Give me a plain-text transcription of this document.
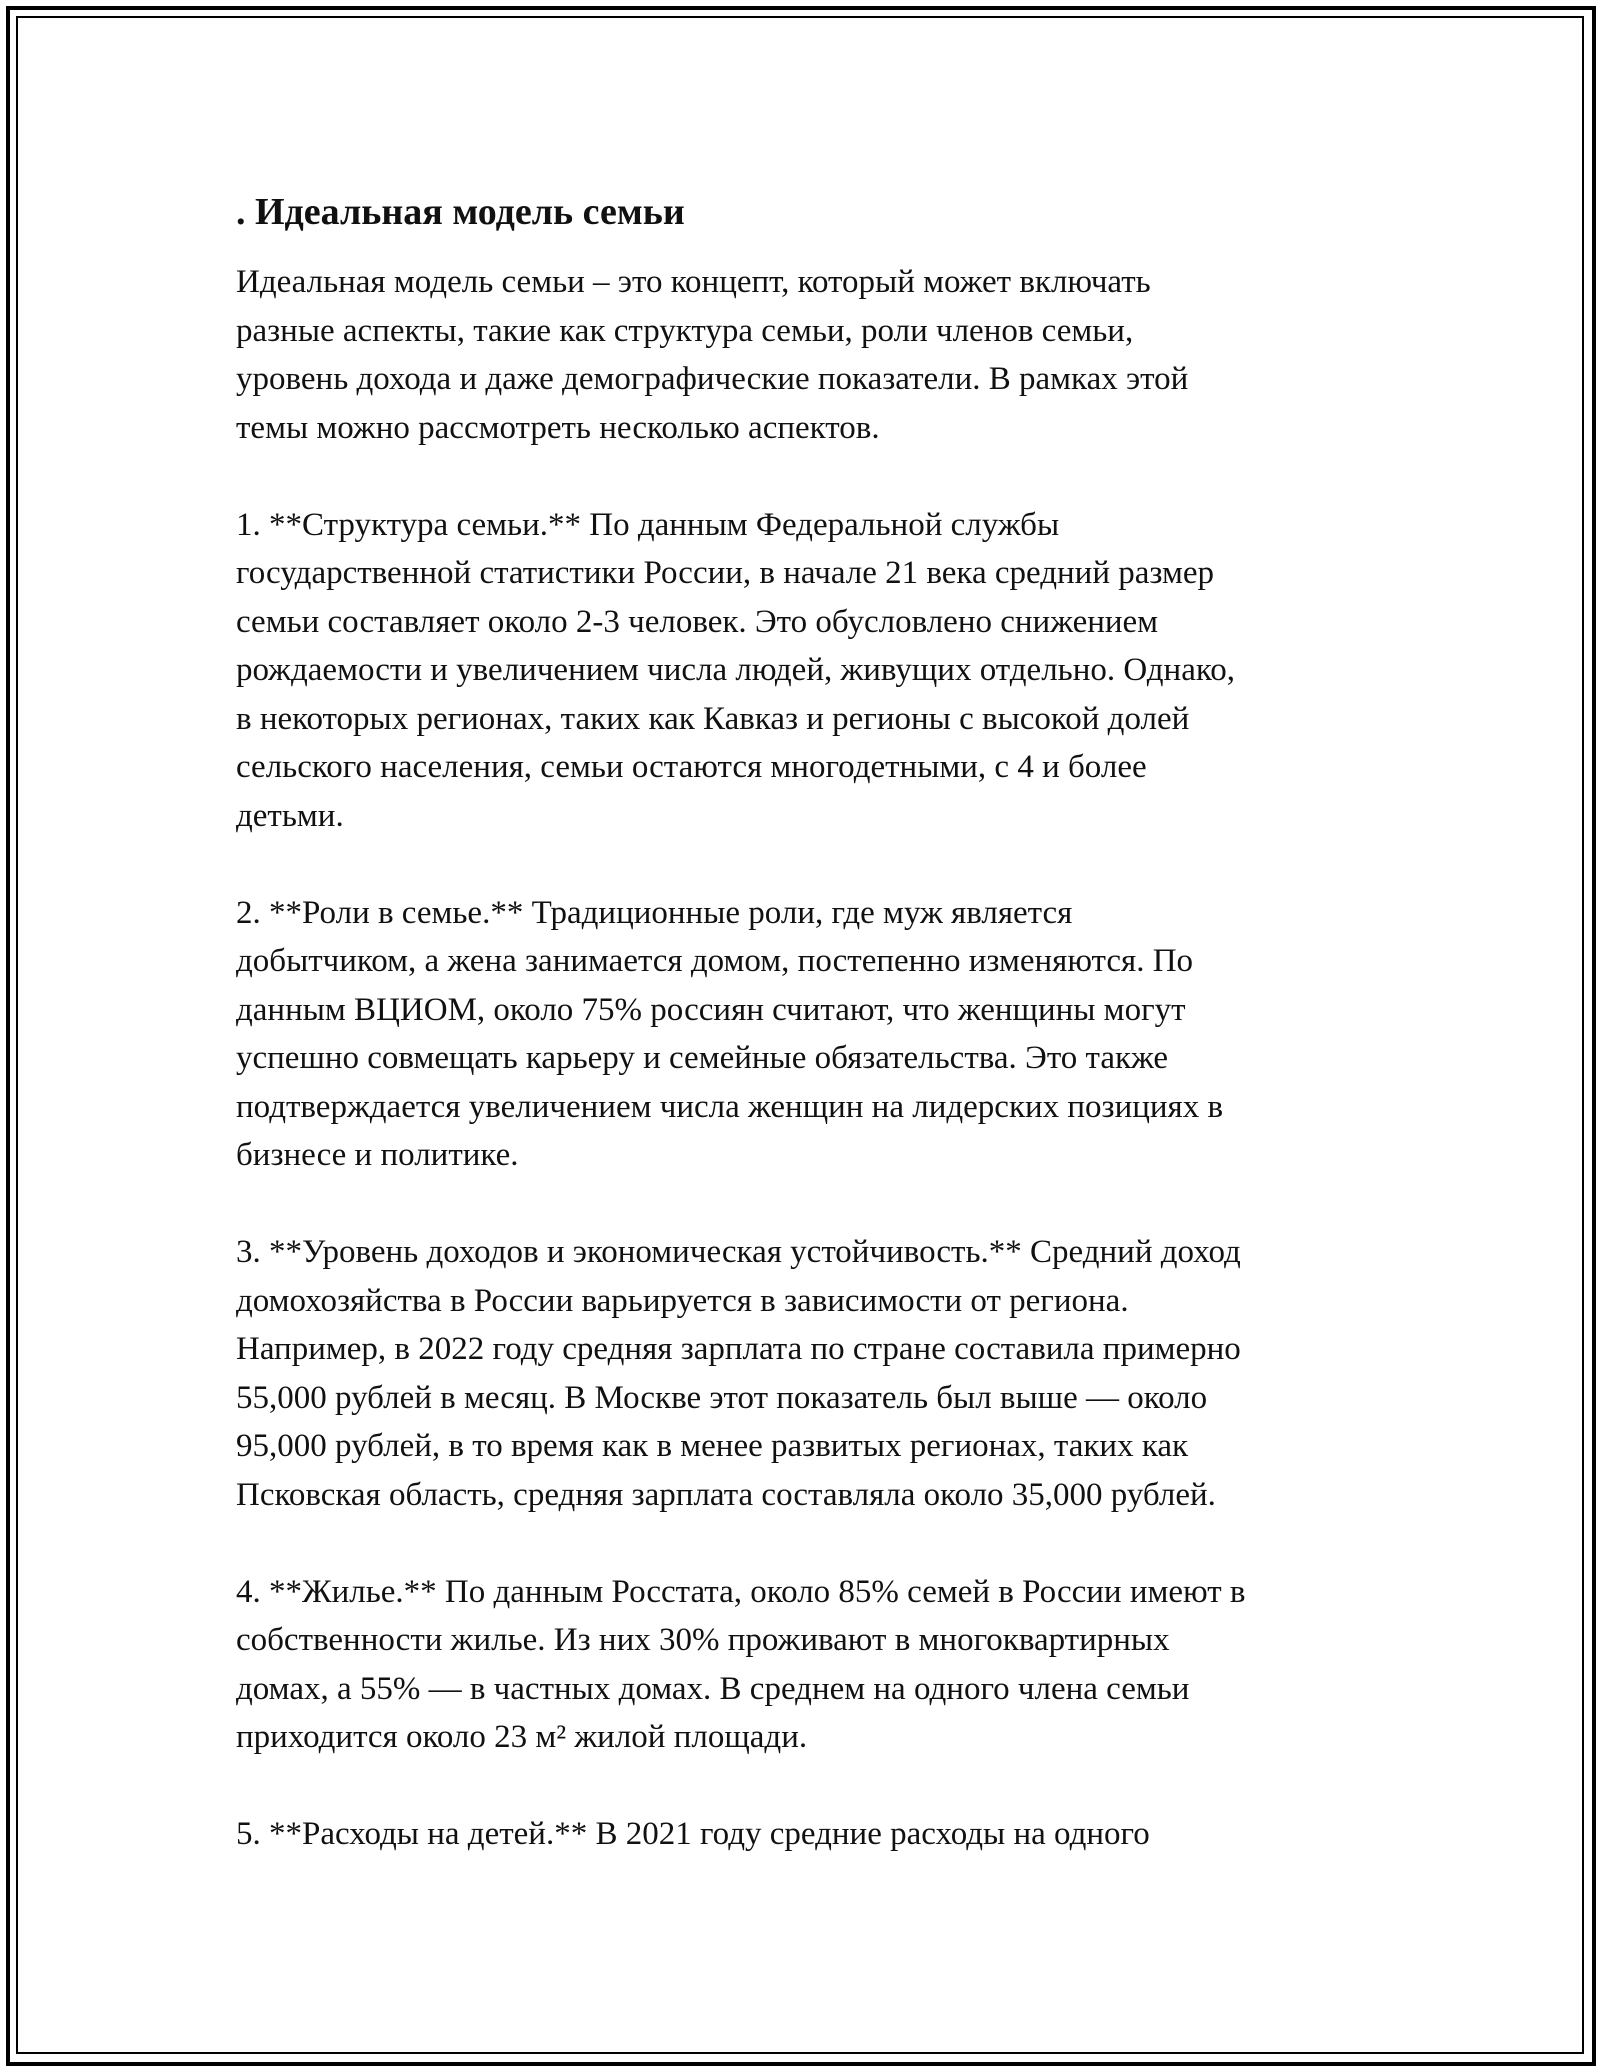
. Идеальная модель семьи

Идеальная модель семьи – это концепт, который может включать
разные аспекты, такие как структура семьи, роли членов семьи,
уровень дохода и даже демографические показатели. В рамках этой
темы можно рассмотреть несколько аспектов.

1. **Структура семьи.** По данным Федеральной службы
государственной статистики России, в начале 21 века средний размер
семьи составляет около 2-3 человек. Это обусловлено снижением
рождаемости и увеличением числа людей, живущих отдельно. Однако,
в некоторых регионах, таких как Кавказ и регионы с высокой долей
сельского населения, семьи остаются многодетными, с 4 и более
детьми.

2. **Роли в семье.** Традиционные роли, где муж является
добытчиком, а жена занимается домом, постепенно изменяются. По
данным ВЦИОМ, около 75% россиян считают, что женщины могут
успешно совмещать карьеру и семейные обязательства. Это также
подтверждается увеличением числа женщин на лидерских позициях в
бизнесе и политике.

3. **Уровень доходов и экономическая устойчивость.** Средний доход
домохозяйства в России варьируется в зависимости от региона.
Например, в 2022 году средняя зарплата по стране составила примерно
55,000 рублей в месяц. В Москве этот показатель был выше — около
95,000 рублей, в то время как в менее развитых регионах, таких как
Псковская область, средняя зарплата составляла около 35,000 рублей.

4. **Жилье.** По данным Росстата, около 85% семей в России имеют в
собственности жилье. Из них 30% проживают в многоквартирных
домах, а 55% — в частных домах. В среднем на одного члена семьи
приходится около 23 м² жилой площади.

5. **Расходы на детей.** В 2021 году средние расходы на одного
